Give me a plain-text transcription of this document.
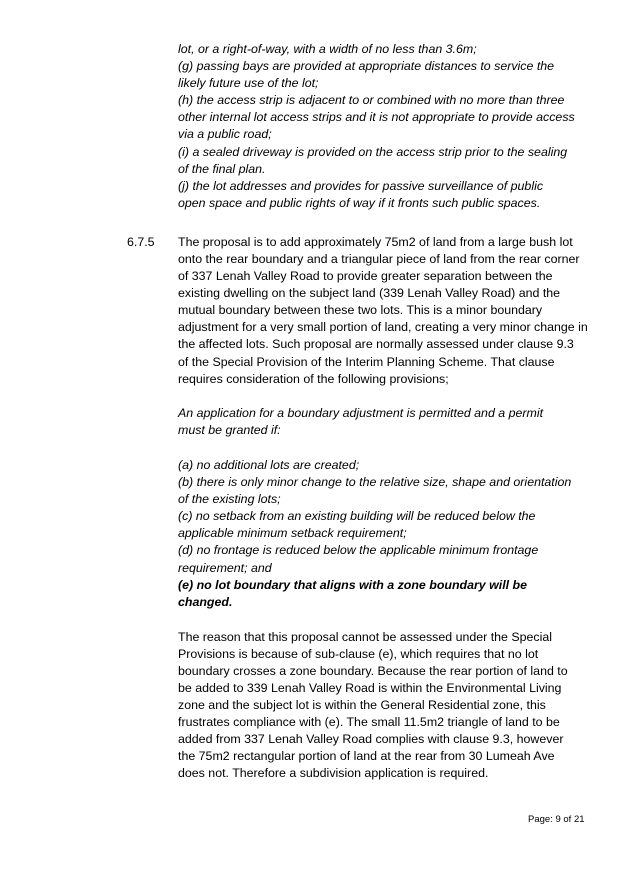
lot, or a right-of-way, with a width of no less than 3.6m;
(g) passing bays are provided at appropriate distances to service the
likely future use of the lot;
(h) the access strip is adjacent to or combined with no more than three
other internal lot access strips and it is not appropriate to provide access
via a public road;
(i) a sealed driveway is provided on the access strip prior to the sealing
of the final plan.
(j) the lot addresses and provides for passive surveillance of public
open space and public rights of way if it fronts such public spaces.
6.7.5 The proposal is to add approximately 75m2 of land from a large bush lot
onto the rear boundary and a triangular piece of land from the rear corner
of 337 Lenah Valley Road to provide greater separation between the
existing dwelling on the subject land (339 Lenah Valley Road) and the
mutual boundary between these two lots. This is a minor boundary
adjustment for a very small portion of land, creating a very minor change in
the affected lots. Such proposal are normally assessed under clause 9.3
of the Special Provision of the Interim Planning Scheme. That clause
requires consideration of the following provisions;
An application for a boundary adjustment is permitted and a permit
must be granted if:
(a) no additional lots are created;
(b) there is only minor change to the relative size, shape and orientation
of the existing lots;
(c) no setback from an existing building will be reduced below the
applicable minimum setback requirement;
(d) no frontage is reduced below the applicable minimum frontage
requirement; and
(e) no lot boundary that aligns with a zone boundary will be
changed.
The reason that this proposal cannot be assessed under the Special
Provisions is because of sub-clause (e), which requires that no lot
boundary crosses a zone boundary. Because the rear portion of land to
be added to 339 Lenah Valley Road is within the Environmental Living
zone and the subject lot is within the General Residential zone, this
frustrates compliance with (e). The small 11.5m2 triangle of land to be
added from 337 Lenah Valley Road complies with clause 9.3, however
the 75m2 rectangular portion of land at the rear from 30 Lumeah Ave
does not. Therefore a subdivision application is required.
Page: 9 of 21
